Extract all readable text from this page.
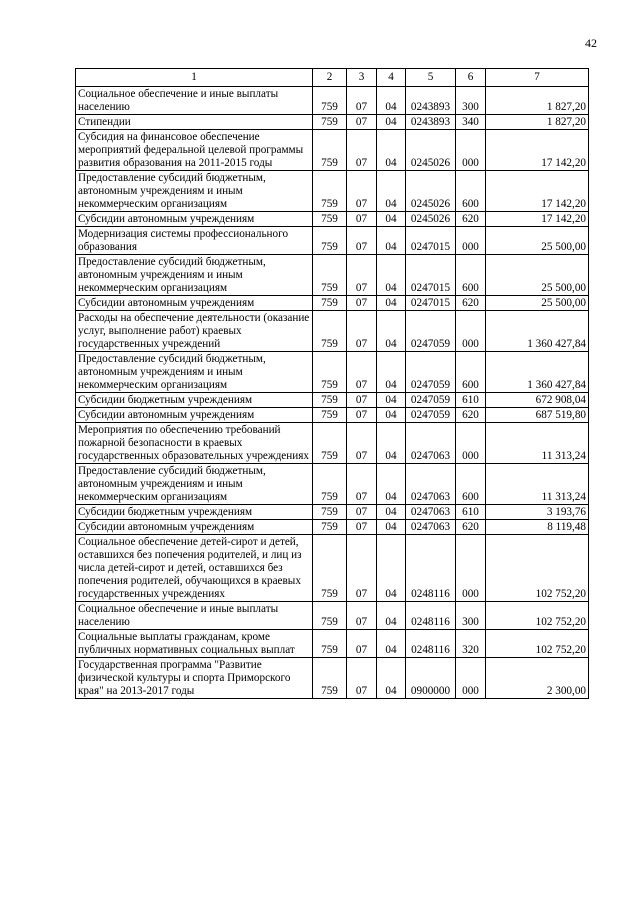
42
1	2	3	4	5	6	7
Социальное обеспечение и иные выплаты населению	759	07	04	0243893	300	1 827,20
Стипендии	759	07	04	0243893	340	1 827,20
Субсидия на финансовое обеспечение мероприятий федеральной целевой программы развития образования на 2011-2015 годы	759	07	04	0245026	000	17 142,20
Предоставление субсидий бюджетным, автономным учреждениям и иным некоммерческим организациям	759	07	04	0245026	600	17 142,20
Субсидии автономным учреждениям	759	07	04	0245026	620	17 142,20
Модернизация системы профессионального образования	759	07	04	0247015	000	25 500,00
Предоставление субсидий бюджетным, автономным учреждениям и иным некоммерческим организациям	759	07	04	0247015	600	25 500,00
Субсидии автономным учреждениям	759	07	04	0247015	620	25 500,00
Расходы на обеспечение деятельности (оказание услуг, выполнение работ) краевых государственных учреждений	759	07	04	0247059	000	1 360 427,84
Предоставление субсидий бюджетным, автономным учреждениям и иным некоммерческим организациям	759	07	04	0247059	600	1 360 427,84
Субсидии бюджетным учреждениям	759	07	04	0247059	610	672 908,04
Субсидии автономным учреждениям	759	07	04	0247059	620	687 519,80
Мероприятия по обеспечению требований пожарной безопасности в краевых государственных образовательных учреждениях	759	07	04	0247063	000	11 313,24
Предоставление субсидий бюджетным, автономным учреждениям и иным некоммерческим организациям	759	07	04	0247063	600	11 313,24
Субсидии бюджетным учреждениям	759	07	04	0247063	610	3 193,76
Субсидии автономным учреждениям	759	07	04	0247063	620	8 119,48
Социальное обеспечение детей-сирот и детей, оставшихся без попечения родителей, и лиц из числа детей-сирот и детей, оставшихся без попечения родителей, обучающихся в краевых государственных учреждениях	759	07	04	0248116	000	102 752,20
Социальное обеспечение и иные выплаты населению	759	07	04	0248116	300	102 752,20
Социальные выплаты гражданам, кроме публичных нормативных социальных выплат	759	07	04	0248116	320	102 752,20
Государственная программа "Развитие физической культуры и спорта Приморского края" на 2013-2017 годы	759	07	04	0900000	000	2 300,00
